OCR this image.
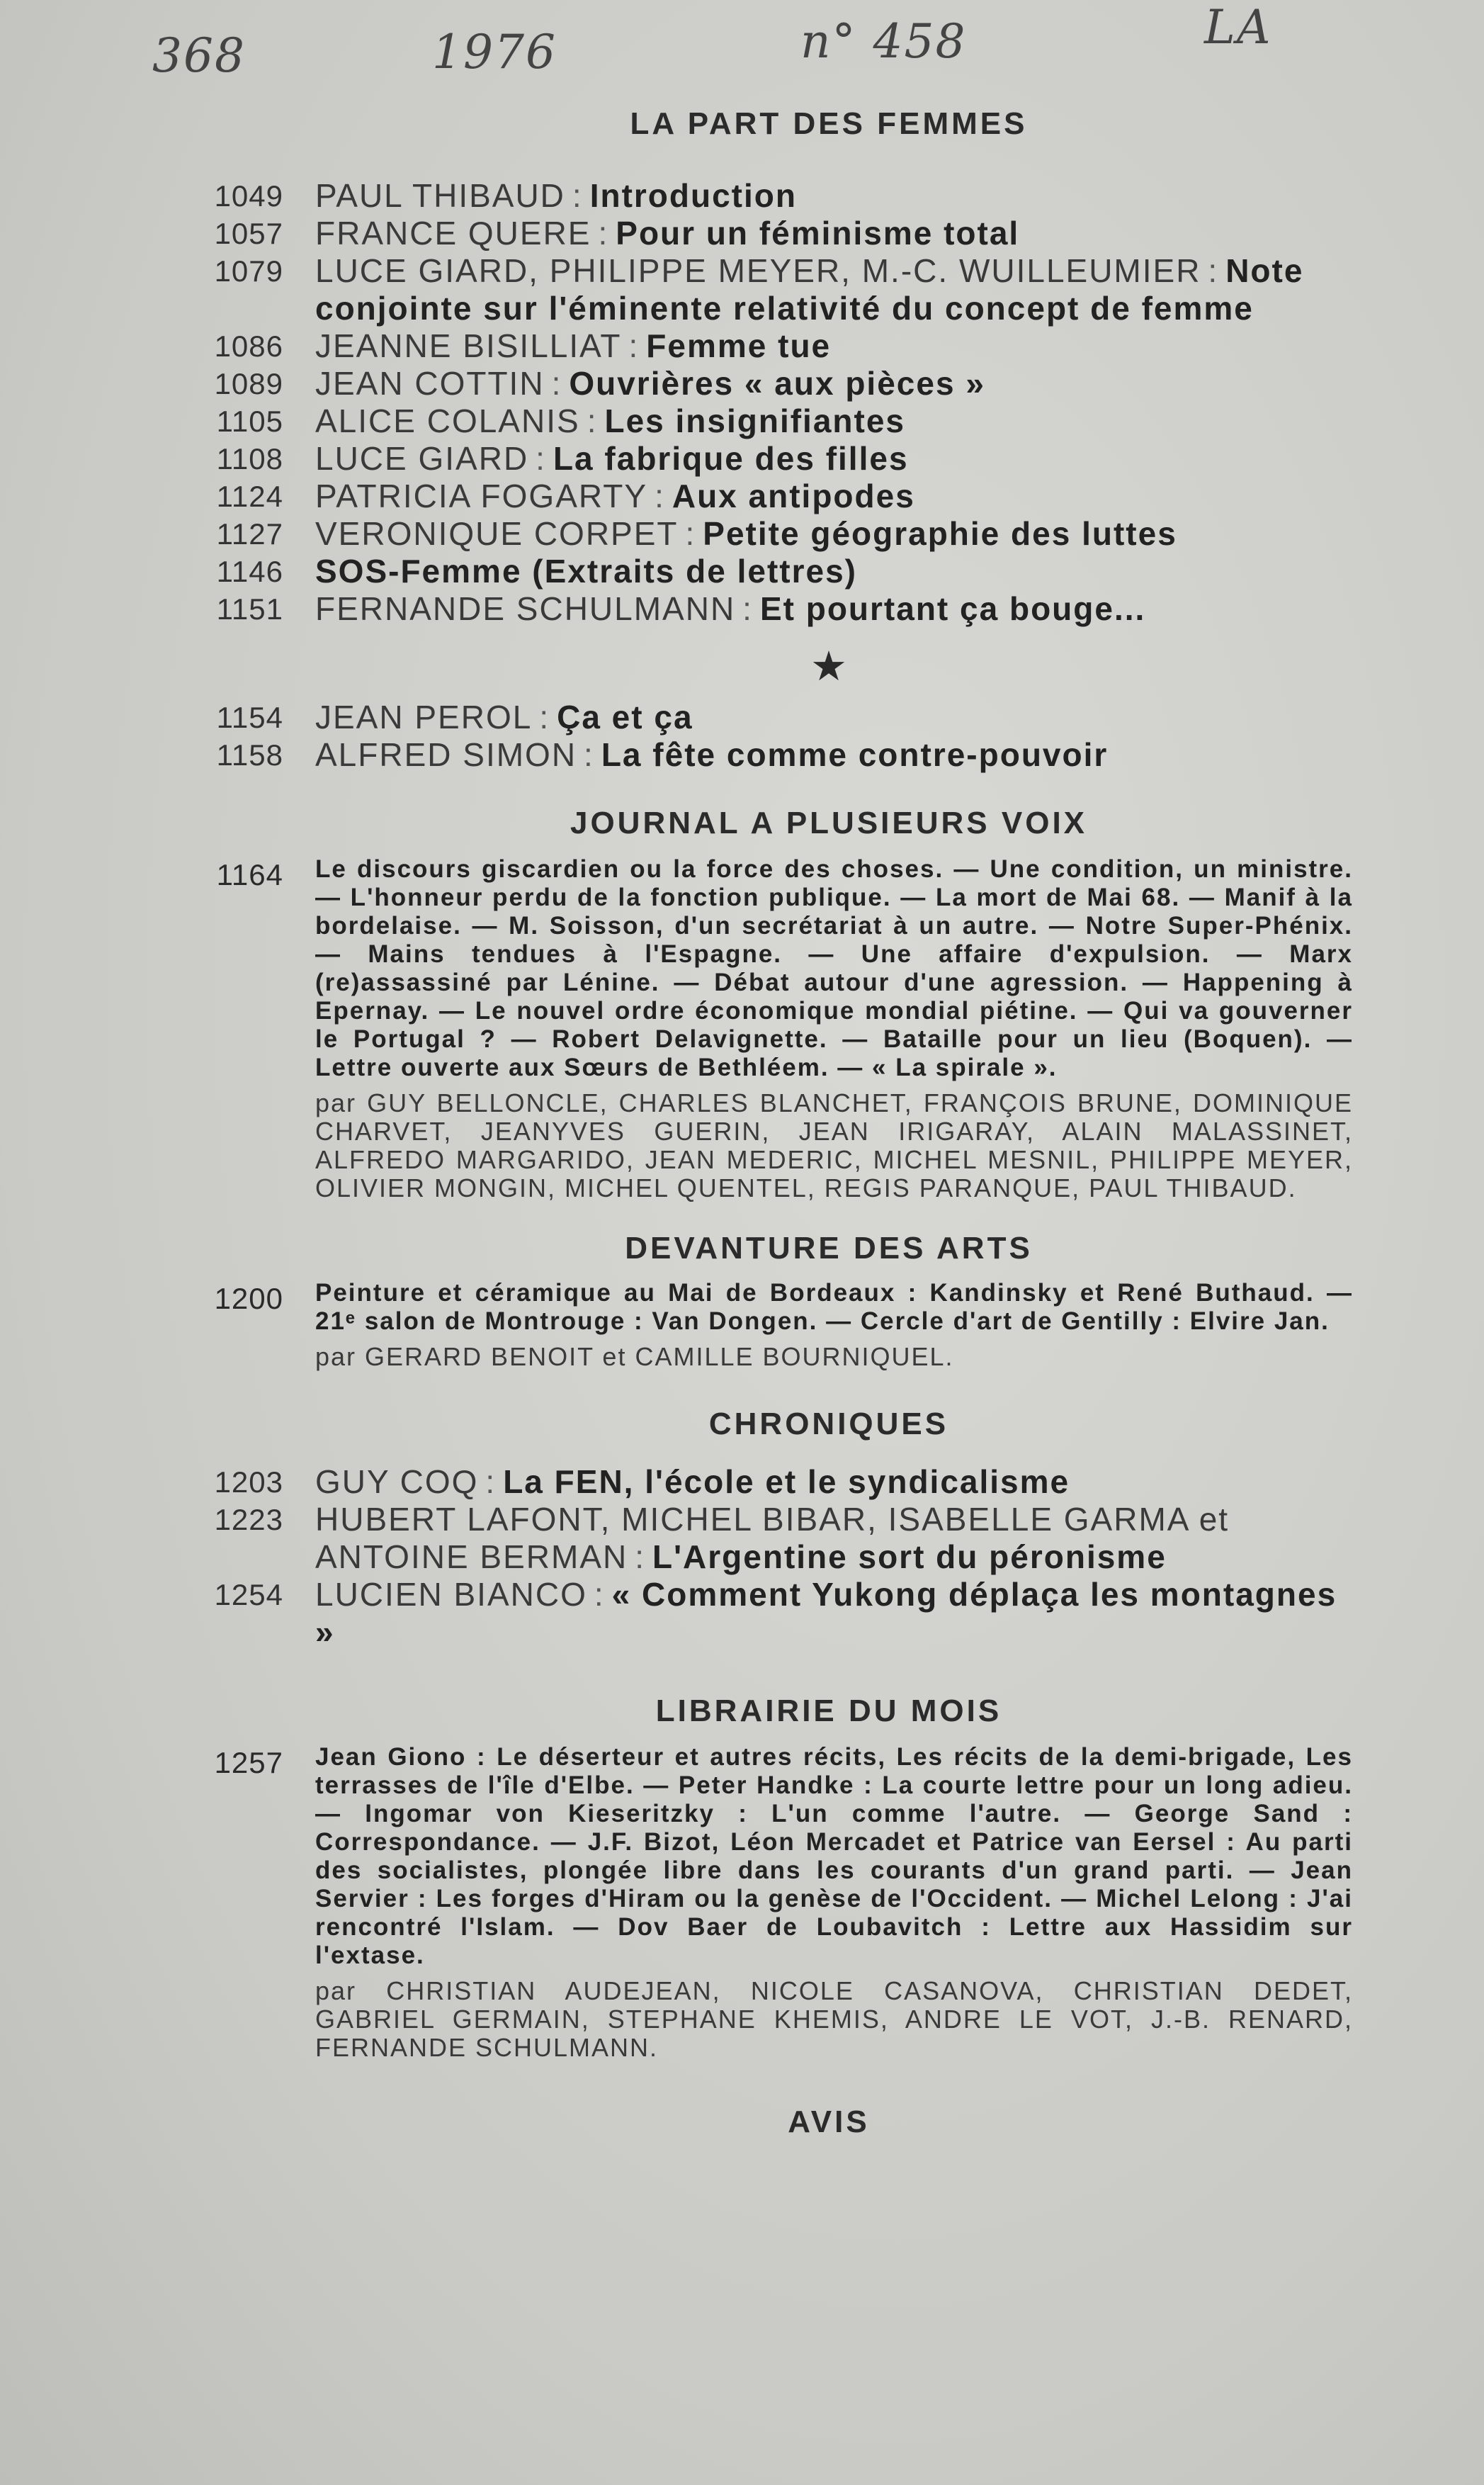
368	1976	n° 458	LA
LA PART DES FEMMES
1049 PAUL THIBAUD : Introduction
1057 FRANCE QUERE : Pour un féminisme total
1079 LUCE GIARD, PHILIPPE MEYER, M.-C. WUILLEUMIER : Note conjointe sur l'éminente relativité du concept de femme
1086 JEANNE BISILLIAT : Femme tue
1089 JEAN COTTIN : Ouvrières « aux pièces »
1105 ALICE COLANIS : Les insignifiantes
1108 LUCE GIARD : La fabrique des filles
1124 PATRICIA FOGARTY : Aux antipodes
1127 VERONIQUE CORPET : Petite géographie des luttes
1146 SOS-Femme (Extraits de lettres)
1151 FERNANDE SCHULMANN : Et pourtant ça bouge...
★
1154 JEAN PEROL : Ça et ça
1158 ALFRED SIMON : La fête comme contre-pouvoir
JOURNAL A PLUSIEURS VOIX
1164 Le discours giscardien ou la force des choses. — Une condition, un ministre. — L'honneur perdu de la fonction publique. — La mort de Mai 68. — Manif à la bordelaise. — M. Soisson, d'un secrétariat à un autre. — Notre Super-Phénix. — Mains tendues à l'Espagne. — Une affaire d'expulsion. — Marx (re)assassiné par Lénine. — Débat autour d'une agression. — Happening à Epernay. — Le nouvel ordre économique mondial piétine. — Qui va gouverner le Portugal ? — Robert Delavignette. — Bataille pour un lieu (Boquen). — Lettre ouverte aux Sœurs de Bethléem. — « La spirale ».
par GUY BELLONCLE, CHARLES BLANCHET, FRANÇOIS BRUNE, DOMINIQUE CHARVET, JEANYVES GUERIN, JEAN IRIGARAY, ALAIN MALASSINET, ALFREDO MARGARIDO, JEAN MEDERIC, MICHEL MESNIL, PHILIPPE MEYER, OLIVIER MONGIN, MICHEL QUENTEL, REGIS PARANQUE, PAUL THIBAUD.
DEVANTURE DES ARTS
1200 Peinture et céramique au Mai de Bordeaux : Kandinsky et René Buthaud. — 21ᵉ salon de Montrouge : Van Dongen. — Cercle d'art de Gentilly : Elvire Jan.
par GERARD BENOIT et CAMILLE BOURNIQUEL.
CHRONIQUES
1203 GUY COQ : La FEN, l'école et le syndicalisme
1223 HUBERT LAFONT, MICHEL BIBAR, ISABELLE GARMA et ANTOINE BERMAN : L'Argentine sort du péronisme
1254 LUCIEN BIANCO : « Comment Yukong déplaça les montagnes »
LIBRAIRIE DU MOIS
1257 Jean Giono : Le déserteur et autres récits, Les récits de la demi-brigade, Les terrasses de l'île d'Elbe. — Peter Handke : La courte lettre pour un long adieu. — Ingomar von Kieseritzky : L'un comme l'autre. — George Sand : Correspondance. — J.F. Bizot, Léon Mercadet et Patrice van Eersel : Au parti des socialistes, plongée libre dans les courants d'un grand parti. — Jean Servier : Les forges d'Hiram ou la genèse de l'Occident. — Michel Lelong : J'ai rencontré l'Islam. — Dov Baer de Loubavitch : Lettre aux Hassidim sur l'extase.
par CHRISTIAN AUDEJEAN, NICOLE CASANOVA, CHRISTIAN DEDET, GABRIEL GERMAIN, STEPHANE KHEMIS, ANDRE LE VOT, J.-B. RENARD, FERNANDE SCHULMANN.
AVIS
